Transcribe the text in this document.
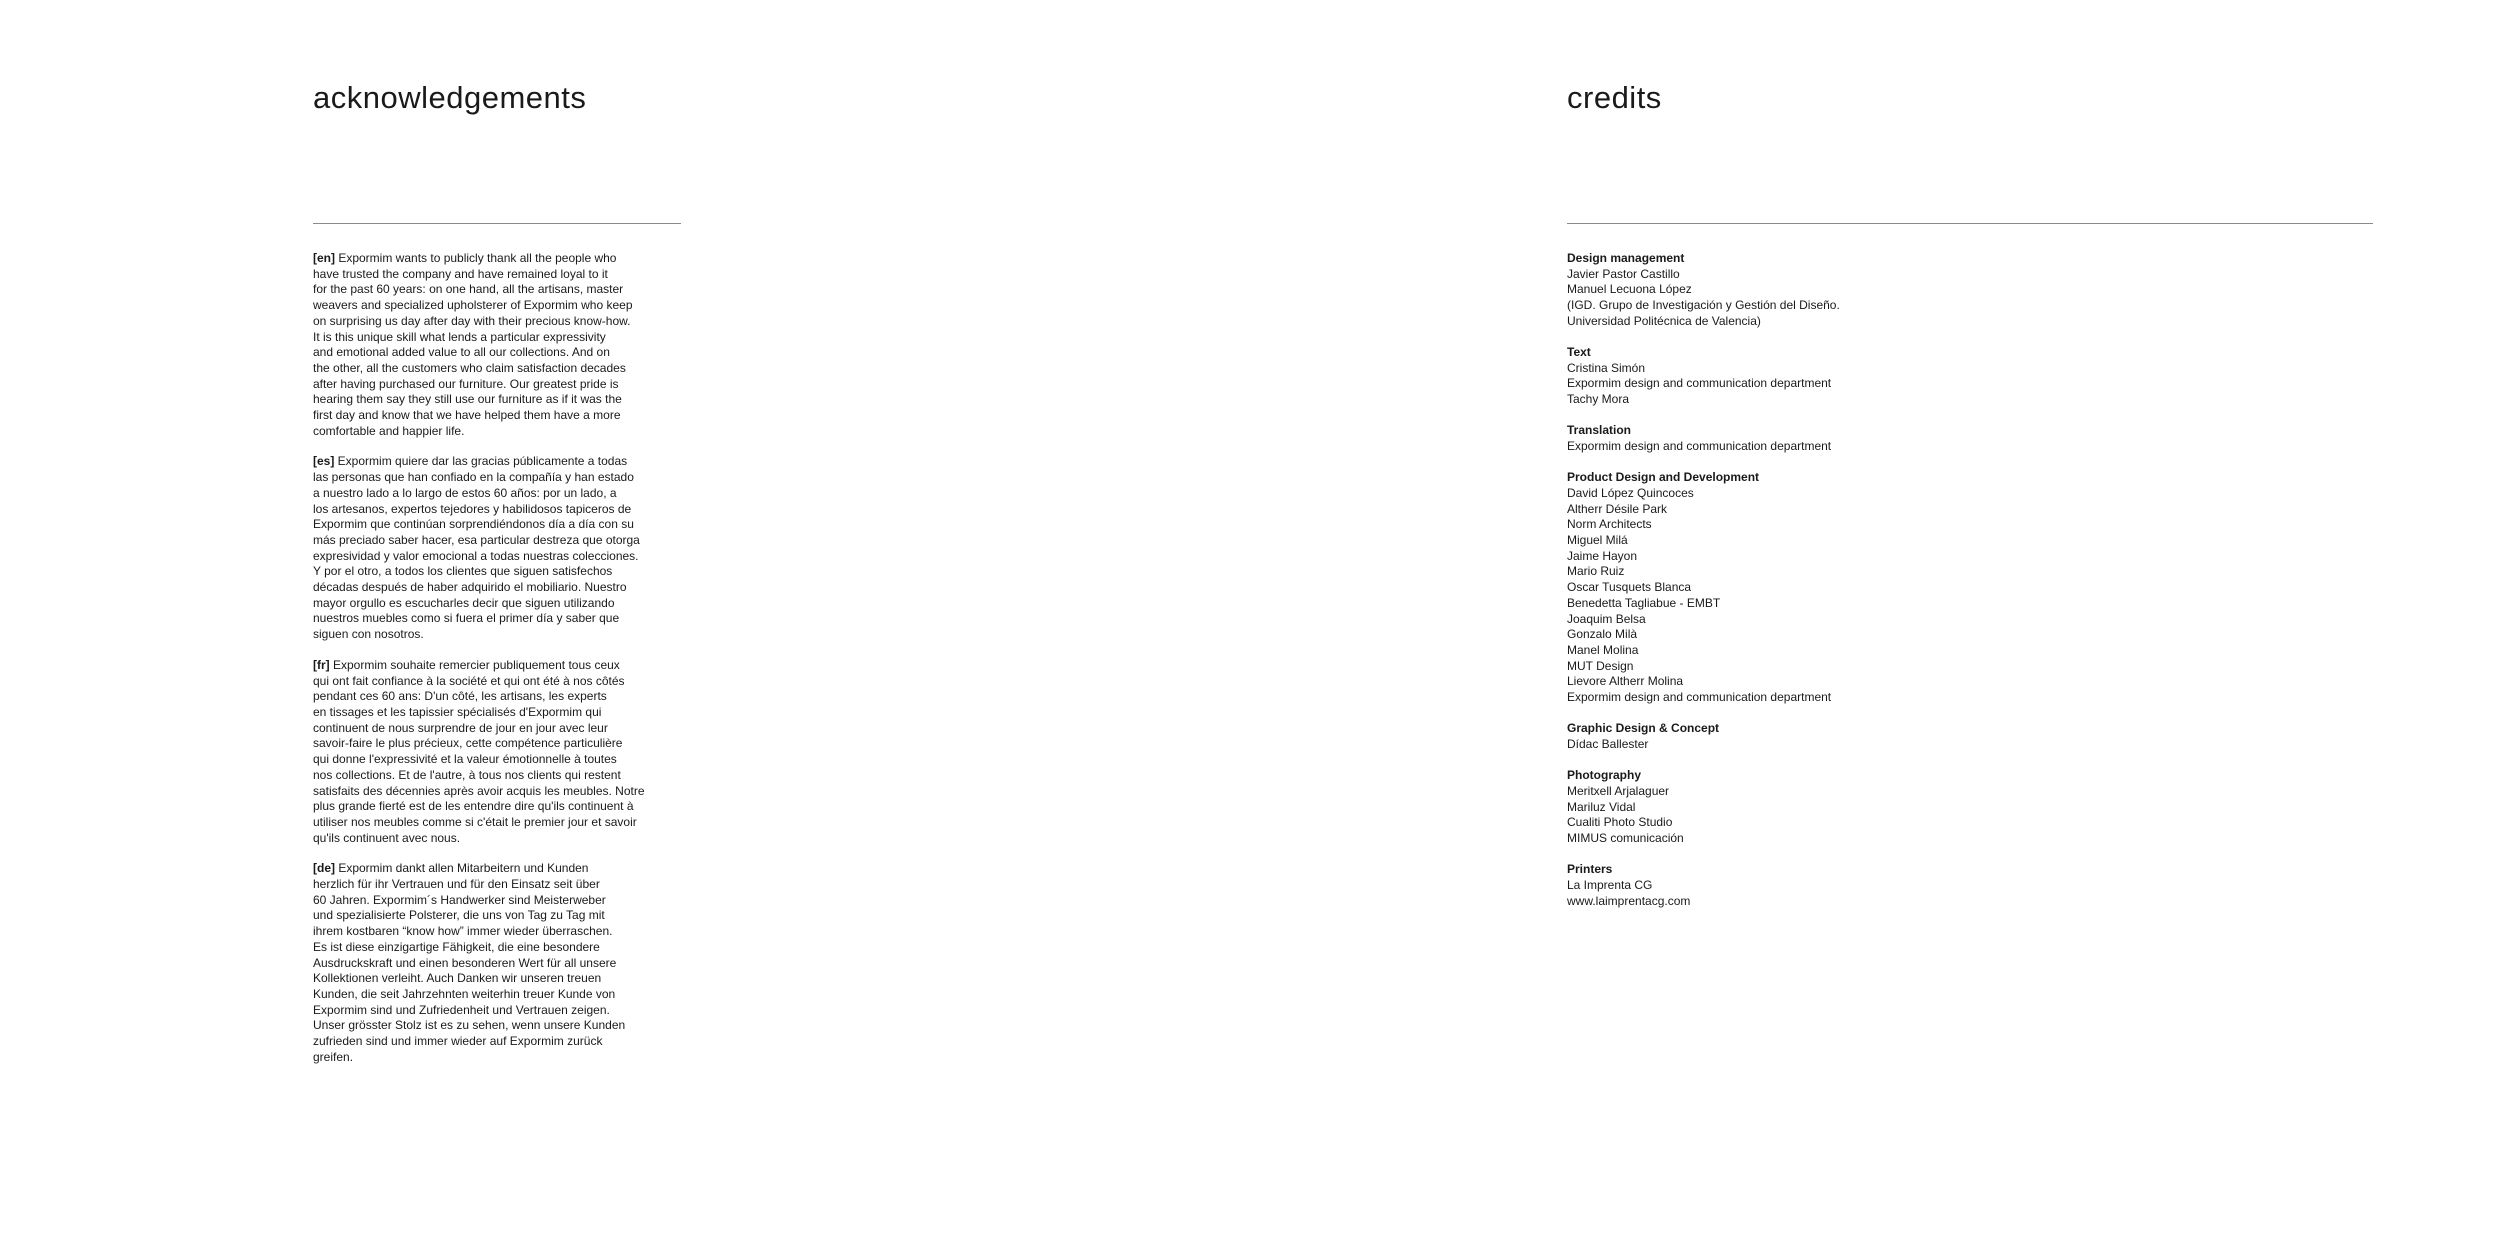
acknowledgements

[en] Expormim wants to publicly thank all the people who
have trusted the company and have remained loyal to it
for the past 60 years: on one hand, all the artisans, master
weavers and specialized upholsterer of Expormim who keep
on surprising us day after day with their precious know-how.
It is this unique skill what lends a particular expressivity
and emotional added value to all our collections. And on
the other, all the customers who claim satisfaction decades
after having purchased our furniture. Our greatest pride is
hearing them say they still use our furniture as if it was the
first day and know that we have helped them have a more
comfortable and happier life.

[es] Expormim quiere dar las gracias públicamente a todas
las personas que han confiado en la compañía y han estado
a nuestro lado a lo largo de estos 60 años: por un lado, a
los artesanos, expertos tejedores y habilidosos tapiceros de
Expormim que continúan sorprendiéndonos día a día con su
más preciado saber hacer, esa particular destreza que otorga
expresividad y valor emocional a todas nuestras colecciones.
Y por el otro, a todos los clientes que siguen satisfechos
décadas después de haber adquirido el mobiliario. Nuestro
mayor orgullo es escucharles decir que siguen utilizando
nuestros muebles como si fuera el primer día y saber que
siguen con nosotros.

[fr] Expormim souhaite remercier publiquement tous ceux
qui ont fait confiance à la société et qui ont été à nos côtés
pendant ces 60 ans: D'un côté, les artisans, les experts
en tissages et les tapissier spécialisés d'Expormim qui
continuent de nous surprendre de jour en jour avec leur
savoir-faire le plus précieux, cette compétence particulière
qui donne l'expressivité et la valeur émotionnelle à toutes
nos collections. Et de l'autre, à tous nos clients qui restent
satisfaits des décennies après avoir acquis les meubles. Notre
plus grande fierté est de les entendre dire qu'ils continuent à
utiliser nos meubles comme si c'était le premier jour et savoir
qu'ils continuent avec nous.

[de] Expormim dankt allen Mitarbeitern und Kunden
herzlich für ihr Vertrauen und für den Einsatz seit über
60 Jahren. Expormim´s Handwerker sind Meisterweber
und spezialisierte Polsterer, die uns von Tag zu Tag mit
ihrem kostbaren “know how” immer wieder überraschen.
Es ist diese einzigartige Fähigkeit, die eine besondere
Ausdruckskraft und einen besonderen Wert für all unsere
Kollektionen verleiht. Auch Danken wir unseren treuen
Kunden, die seit Jahrzehnten weiterhin treuer Kunde von
Expormim sind und Zufriedenheit und Vertrauen zeigen.
Unser grösster Stolz ist es zu sehen, wenn unsere Kunden
zufrieden sind und immer wieder auf Expormim zurück
greifen.

credits
Design management
Javier Pastor Castillo
Manuel Lecuona López
(IGD. Grupo de Investigación y Gestión del Diseño.
Universidad Politécnica de Valencia)
Text
Cristina Simón
Expormim design and communication department
Tachy Mora
Translation
Expormim design and communication department
Product Design and Development
David López Quincoces
Altherr Désile Park
Norm Architects
Miguel Milá
Jaime Hayon
Mario Ruiz
Oscar Tusquets Blanca
Benedetta Tagliabue - EMBT
Joaquim Belsa
Gonzalo Milà
Manel Molina
MUT Design
Lievore Altherr Molina
Expormim design and communication department
Graphic Design & Concept
Dídac Ballester
Photography
Meritxell Arjalaguer
Mariluz Vidal
Cualiti Photo Studio
MIMUS comunicación
Printers
La Imprenta CG
www.laimprentacg.com
